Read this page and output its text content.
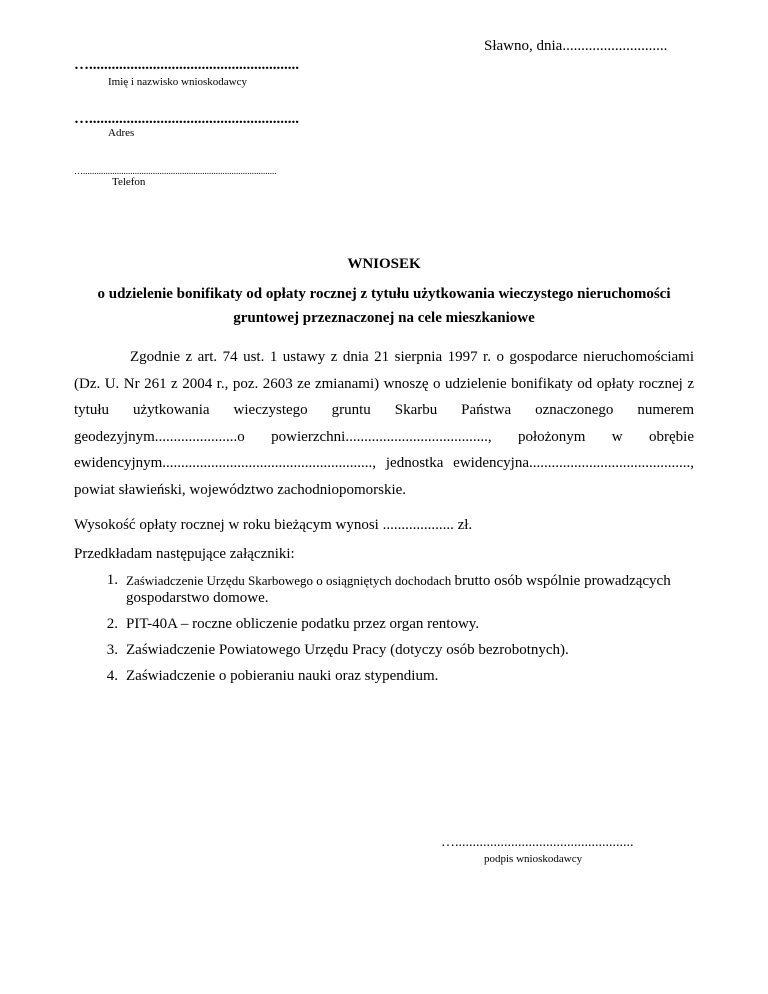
Sławno, dnia............................
…........................................................
Imię i nazwisko wnioskodawcy
…........................................................
Adres
…......................................................................................
Telefon
WNIOSEK
o udzielenie bonifikaty od opłaty rocznej z tytułu użytkowania wieczystego nieruchomości
gruntowej przeznaczonej na cele mieszkaniowe
Zgodnie z art. 74 ust. 1 ustawy z dnia 21 sierpnia 1997 r. o gospodarce nieruchomościami (Dz. U. Nr 261 z 2004 r., poz. 2603 ze zmianami) wnoszę o udzielenie bonifikaty od opłaty rocznej z tytułu użytkowania wieczystego gruntu Skarbu Państwa oznaczonego numerem geodezyjnym......................o powierzchni......................................, położonym w obrębie ewidencyjnym........................................................, jednostka ewidencyjna..........................................., powiat sławieński, województwo zachodniopomorskie.
Wysokość opłaty rocznej w roku bieżącym wynosi ................... zł.
Przedkładam następujące załączniki:
1. Zaświadczenie Urzędu Skarbowego o osiągniętych dochodach brutto osób wspólnie prowadzących gospodarstwo domowe.
2. PIT-40A – roczne obliczenie podatku przez organ rentowy.
3. Zaświadczenie Powiatowego Urzędu Pracy (dotyczy osób bezrobotnych).
4. Zaświadczenie o pobieraniu nauki oraz stypendium.
…...................................................
podpis wnioskodawcy
